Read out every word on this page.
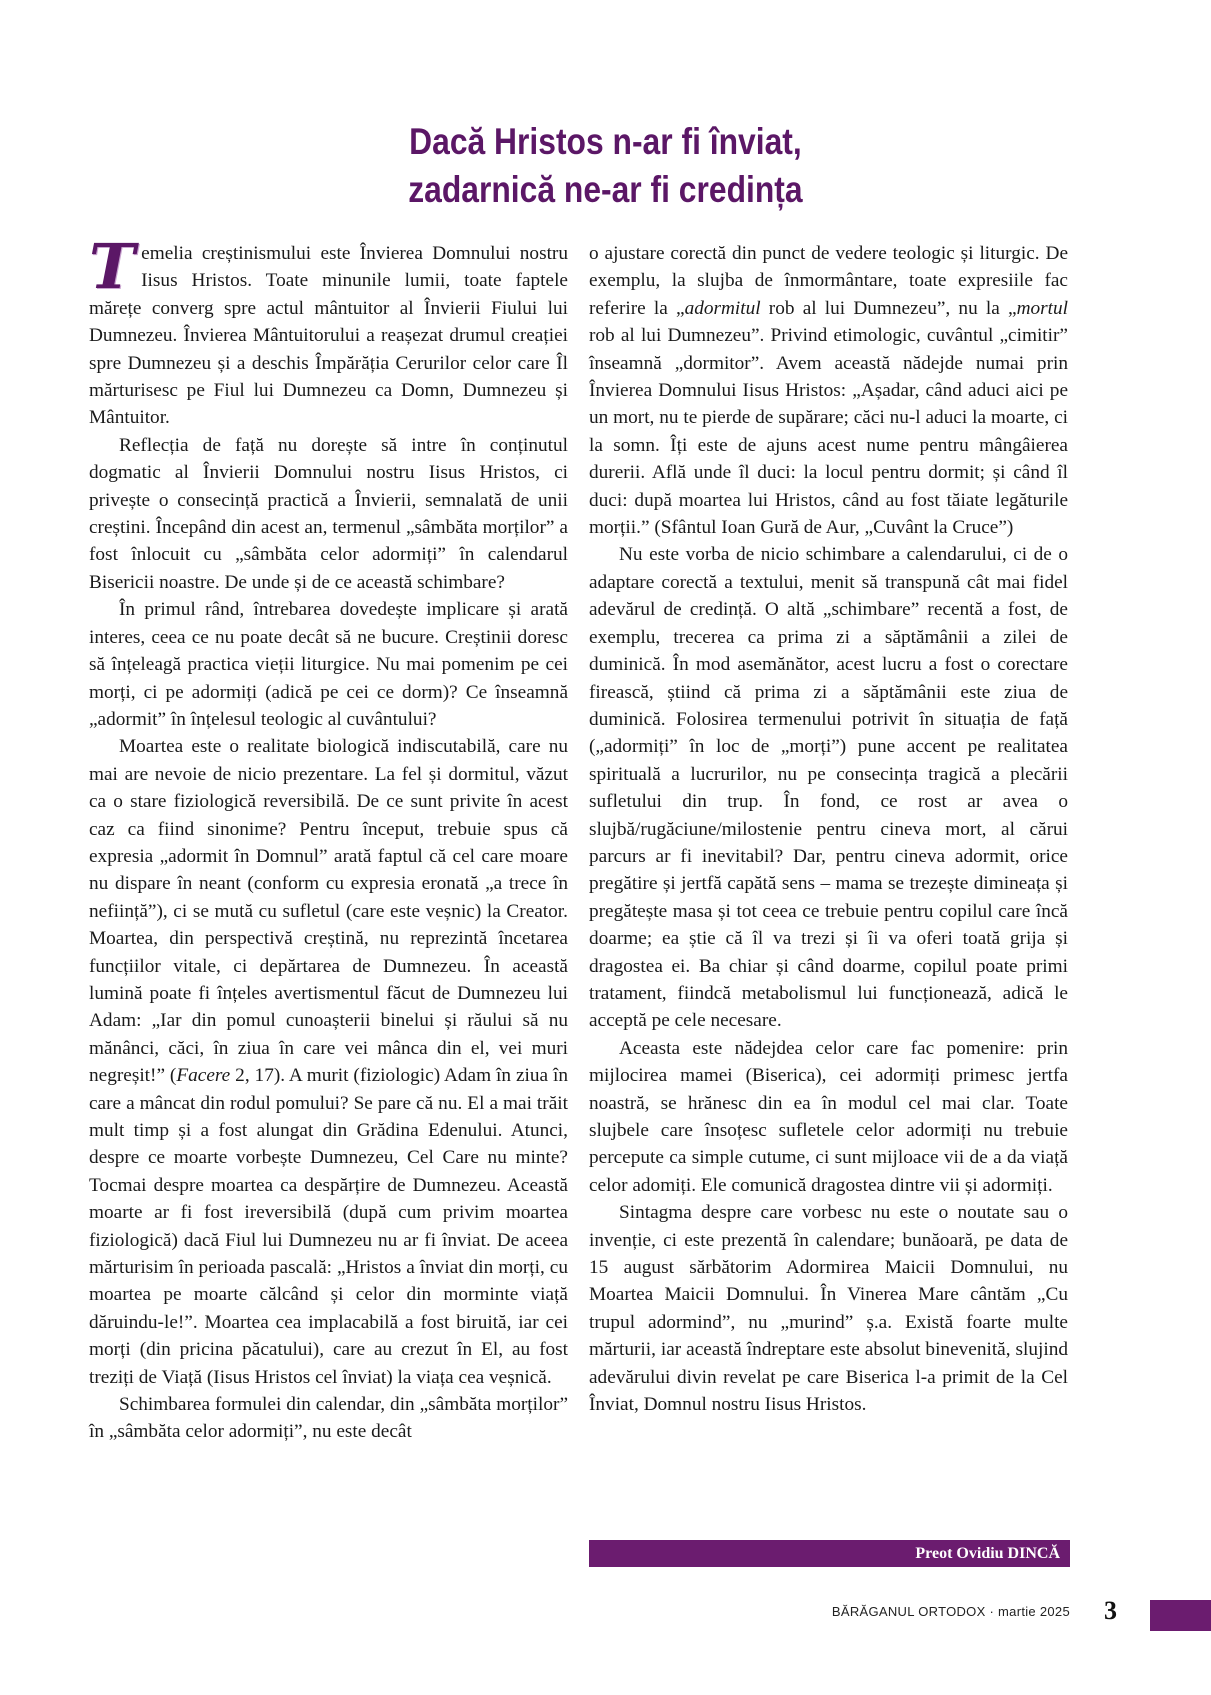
Dacă Hristos n-ar fi înviat,
zadarnică ne-ar fi credința

Temelia creștinismului este Învierea Domnului nostru Iisus Hristos. Toate minunile lumii, toate faptele mărețe converg spre actul mântuitor al Învierii Fiului lui Dumnezeu. Învierea Mântuitorului a reașezat drumul creației spre Dumnezeu și a deschis Împărăția Cerurilor celor care Îl mărturisesc pe Fiul lui Dumnezeu ca Domn, Dumnezeu și Mântuitor.

Reflecția de față nu dorește să intre în conținutul dogmatic al Învierii Domnului nostru Iisus Hristos, ci privește o consecință practică a Învierii, semnalată de unii creștini. Începând din acest an, termenul „sâmbăta morților” a fost înlocuit cu „sâmbăta celor adormiți” în calendarul Bisericii noastre. De unde și de ce această schimbare?

În primul rând, întrebarea dovedește implicare și arată interes, ceea ce nu poate decât să ne bucure. Creștinii doresc să înțeleagă practica vieții liturgice. Nu mai pomenim pe cei morți, ci pe adormiți (adică pe cei ce dorm)? Ce înseamnă „adormit” în înțelesul teologic al cuvântului?

Moartea este o realitate biologică indiscutabilă, care nu mai are nevoie de nicio prezentare. La fel și dormitul, văzut ca o stare fiziologică reversibilă. De ce sunt privite în acest caz ca fiind sinonime? Pentru început, trebuie spus că expresia „adormit în Domnul” arată faptul că cel care moare nu dispare în neant (conform cu expresia eronată „a trece în neființă”), ci se mută cu sufletul (care este veșnic) la Creator. Moartea, din perspectivă creștină, nu reprezintă încetarea funcțiilor vitale, ci depărtarea de Dumnezeu. În această lumină poate fi înțeles avertismentul făcut de Dumnezeu lui Adam: „Iar din pomul cunoașterii binelui și răului să nu mănânci, căci, în ziua în care vei mânca din el, vei muri negreșit!” (Facere 2, 17). A murit (fiziologic) Adam în ziua în care a mâncat din rodul pomului? Se pare că nu. El a mai trăit mult timp și a fost alungat din Grădina Edenului. Atunci, despre ce moarte vorbește Dumnezeu, Cel Care nu minte? Tocmai despre moartea ca despărțire de Dumnezeu. Această moarte ar fi fost ireversibilă (după cum privim moartea fiziologică) dacă Fiul lui Dumnezeu nu ar fi înviat. De aceea mărturisim în perioada pascală: „Hristos a înviat din morți, cu moartea pe moarte călcând și celor din morminte viață dăruindu-le!”. Moartea cea implacabilă a fost biruită, iar cei morți (din pricina păcatului), care au crezut în El, au fost treziți de Viață (Iisus Hristos cel înviat) la viața cea veșnică.

Schimbarea formulei din calendar, din „sâmbăta morților” în „sâmbăta celor adormiți”, nu este decât

o ajustare corectă din punct de vedere teologic și liturgic. De exemplu, la slujba de înmormântare, toate expresiile fac referire la „adormitul rob al lui Dumnezeu”, nu la „mortul rob al lui Dumnezeu”. Privind etimologic, cuvântul „cimitir” înseamnă „dormitor”. Avem această nădejde numai prin Învierea Domnului Iisus Hristos: „Așadar, când aduci aici pe un mort, nu te pierde de supărare; căci nu-l aduci la moarte, ci la somn. Îți este de ajuns acest nume pentru mângâierea durerii. Află unde îl duci: la locul pentru dormit; și când îl duci: după moartea lui Hristos, când au fost tăiate legăturile morții.” (Sfântul Ioan Gură de Aur, „Cuvânt la Cruce”)

Nu este vorba de nicio schimbare a calendarului, ci de o adaptare corectă a textului, menit să transpună cât mai fidel adevărul de credință. O altă „schimbare” recentă a fost, de exemplu, trecerea ca prima zi a săptămânii a zilei de duminică. În mod asemănător, acest lucru a fost o corectare firească, știind că prima zi a săptămânii este ziua de duminică. Folosirea termenului potrivit în situația de față („adormiți” în loc de „morți”) pune accent pe realitatea spirituală a lucrurilor, nu pe consecința tragică a plecării sufletului din trup. În fond, ce rost ar avea o slujbă/rugăciune/milostenie pentru cineva mort, al cărui parcurs ar fi inevitabil? Dar, pentru cineva adormit, orice pregătire și jertfă capătă sens – mama se trezește dimineața și pregătește masa și tot ceea ce trebuie pentru copilul care încă doarme; ea știe că îl va trezi și îi va oferi toată grija și dragostea ei. Ba chiar și când doarme, copilul poate primi tratament, fiindcă metabolismul lui funcționează, adică le acceptă pe cele necesare.

Aceasta este nădejdea celor care fac pomenire: prin mijlocirea mamei (Biserica), cei adormiți primesc jertfa noastră, se hrănesc din ea în modul cel mai clar. Toate slujbele care însoțesc sufletele celor adormiți nu trebuie percepute ca simple cutume, ci sunt mijloace vii de a da viață celor adomiți. Ele comunică dragostea dintre vii și adormiți.

Sintagma despre care vorbesc nu este o noutate sau o invenție, ci este prezentă în calendare; bunăoară, pe data de 15 august sărbătorim Adormirea Maicii Domnului, nu Moartea Maicii Domnului. În Vinerea Mare cântăm „Cu trupul adormind”, nu „murind” ș.a. Există foarte multe mărturii, iar această îndreptare este absolut binevenită, slujind adevărului divin revelat pe care Biserica l-a primit de la Cel Înviat, Domnul nostru Iisus Hristos.

Preot Ovidiu DINCĂ
BĂRĂGANUL ORTODOX · martie 2025 3
